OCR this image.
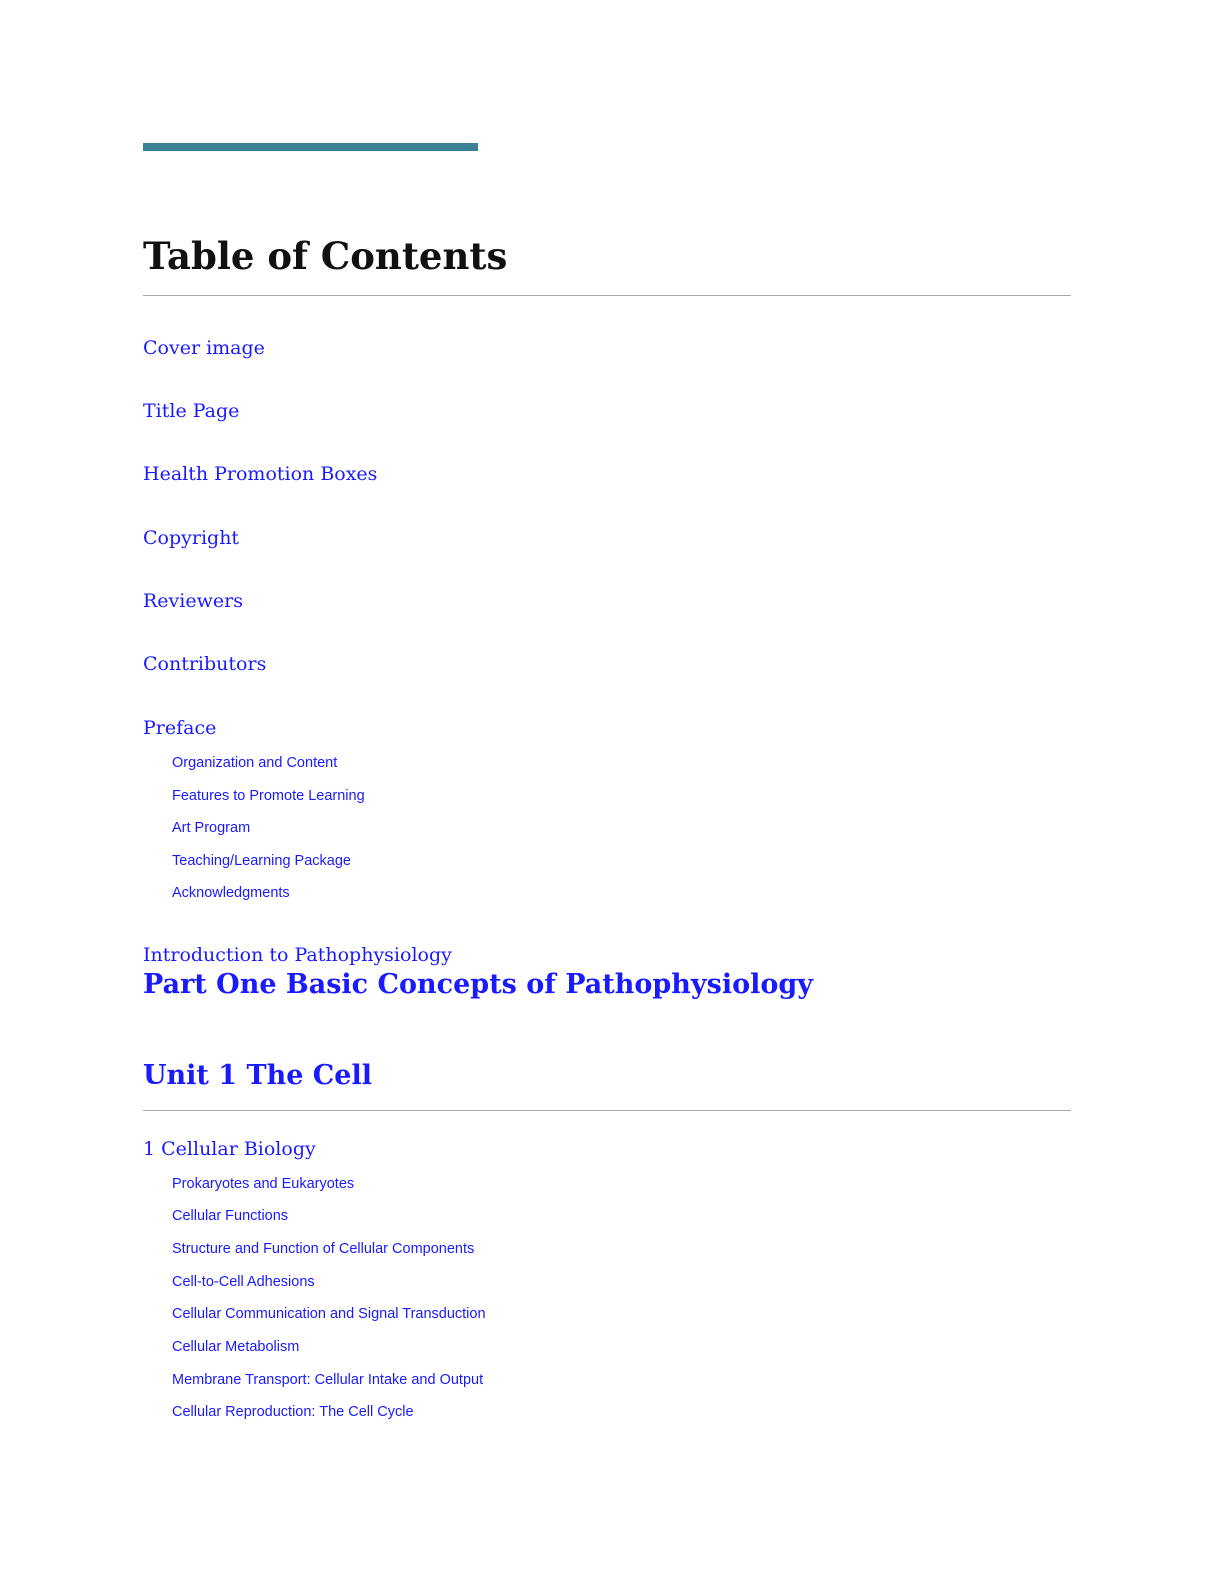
Table of Contents
Cover image
Title Page
Health Promotion Boxes
Copyright
Reviewers
Contributors
Preface
Organization and Content
Features to Promote Learning
Art Program
Teaching/Learning Package
Acknowledgments
Introduction to Pathophysiology
Part One Basic Concepts of Pathophysiology
Unit 1 The Cell
1 Cellular Biology
Prokaryotes and Eukaryotes
Cellular Functions
Structure and Function of Cellular Components
Cell-to-Cell Adhesions
Cellular Communication and Signal Transduction
Cellular Metabolism
Membrane Transport: Cellular Intake and Output
Cellular Reproduction: The Cell Cycle
